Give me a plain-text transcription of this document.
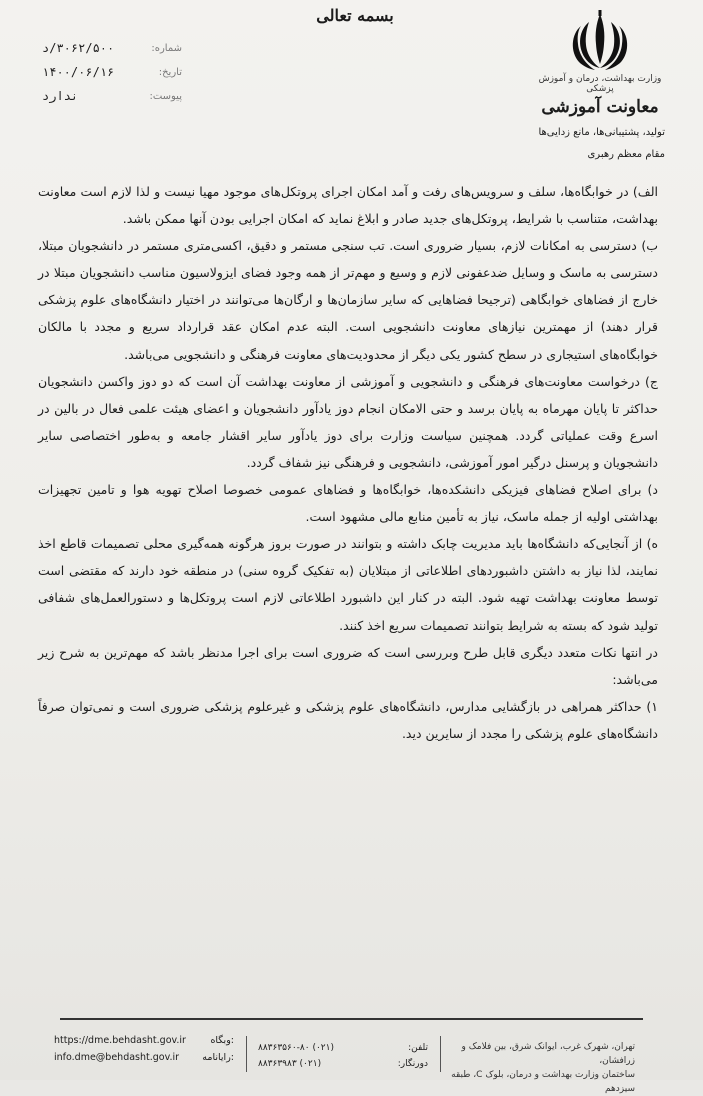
بسمه تعالی
شماره:
۳۰۶۲/۵۰۰/د
تاریخ:
۱۴۰۰/۰۶/۱۶
پیوست:
ندارد
وزارت بهداشت، درمان و آموزش پزشکی
معاونت آموزشی
تولید، پشتیبانی‌ها، مانع زدایی‌ها
مقام معظم رهبری

الف) در خوابگاه‌ها، سلف و سرویس‌های رفت و آمد امکان اجرای پروتکل‌های موجود مهیا نیست و لذا لازم است معاونت بهداشت، متناسب با شرایط، پروتکل‌های جدید صادر و ابلاغ نماید که امکان اجرایی بودن آنها ممکن باشد.

ب) دسترسی به امکانات لازم، بسیار ضروری است. تب سنجی مستمر و دقیق، اکسی‌متری مستمر در دانشجویان مبتلا، دسترسی به ماسک و وسایل ضدعفونی لازم و وسیع و مهم‌تر از همه وجود فضای ایزولاسیون مناسب دانشجویان مبتلا در خارج از فضاهای خوابگاهی (ترجیحا فضاهایی که سایر سازمان‌ها و ارگان‌ها می‌توانند در اختیار دانشگاه‌های علوم پزشکی قرار دهند) از مهمترین نیازهای معاونت دانشجویی است. البته عدم امکان عقد قرارداد سریع و مجدد با مالکان خوابگاه‌های استیجاری در سطح کشور یکی دیگر از محدودیت‌های معاونت فرهنگی و دانشجویی می‌باشد.

ج) درخواست معاونت‌های فرهنگی و دانشجویی و آموزشی از معاونت بهداشت آن است که دو دوز واکسن دانشجویان حداکثر تا پایان مهرماه به پایان برسد و حتی الامکان انجام دوز یادآور دانشجویان و اعضای هیئت علمی فعال در بالین در اسرع وقت عملیاتی گردد. همچنین سیاست وزارت برای دوز یادآور سایر اقشار جامعه و به‌طور اختصاصی سایر دانشجویان و پرسنل درگیر امور آموزشی، دانشجویی و فرهنگی نیز شفاف گردد.

د) برای اصلاح فضاهای فیزیکی دانشکده‌ها، خوابگاه‌ها و فضاهای عمومی خصوصا اصلاح تهویه هوا و تامین تجهیزات بهداشتی اولیه از جمله ماسک، نیاز به تأمین منابع مالی مشهود است.

ه) از آنجایی‌که دانشگاه‌ها باید مدیریت چابک داشته و بتوانند در صورت بروز هرگونه همه‌گیری محلی تصمیمات قاطع اخذ نمایند، لذا نیاز به داشتن داشبوردهای اطلاعاتی از مبتلایان (به تفکیک گروه سنی) در منطقه خود دارند که مقتضی است توسط معاونت بهداشت تهیه شود. البته در کنار این داشبورد اطلاعاتی لازم است پروتکل‌ها و دستورالعمل‌های شفافی تولید شود که بسته به شرایط بتوانند تصمیمات سریع اخذ کنند.

در انتها نکات متعدد دیگری قابل طرح وبررسی است که ضروری است برای اجرا مدنظر باشد که مهم‌ترین به شرح زیر می‌باشد:

۱) حداکثر همراهی در بازگشایی مدارس، دانشگاه‌های علوم پزشکی و غیرعلوم پزشکی ضروری است و نمی‌توان صرفاً دانشگاه‌های علوم پزشکی را مجدد از سایرین دید.

تهران، شهرک غرب، ایوانک شرق، بین فلامک و زرافشان،
ساختمان وزارت بهداشت و درمان، بلوک C، طبقه سیزدهم
تلفن:
(۰۲۱) ۸۸۳۶۳۵۶۰-۸۰
دورنگار:
(۰۲۱) ۸۸۳۶۳۹۸۳
https://dme.behdasht.gov.ir	وبگاه:
info.dme@behdasht.gov.ir رایانامه:
